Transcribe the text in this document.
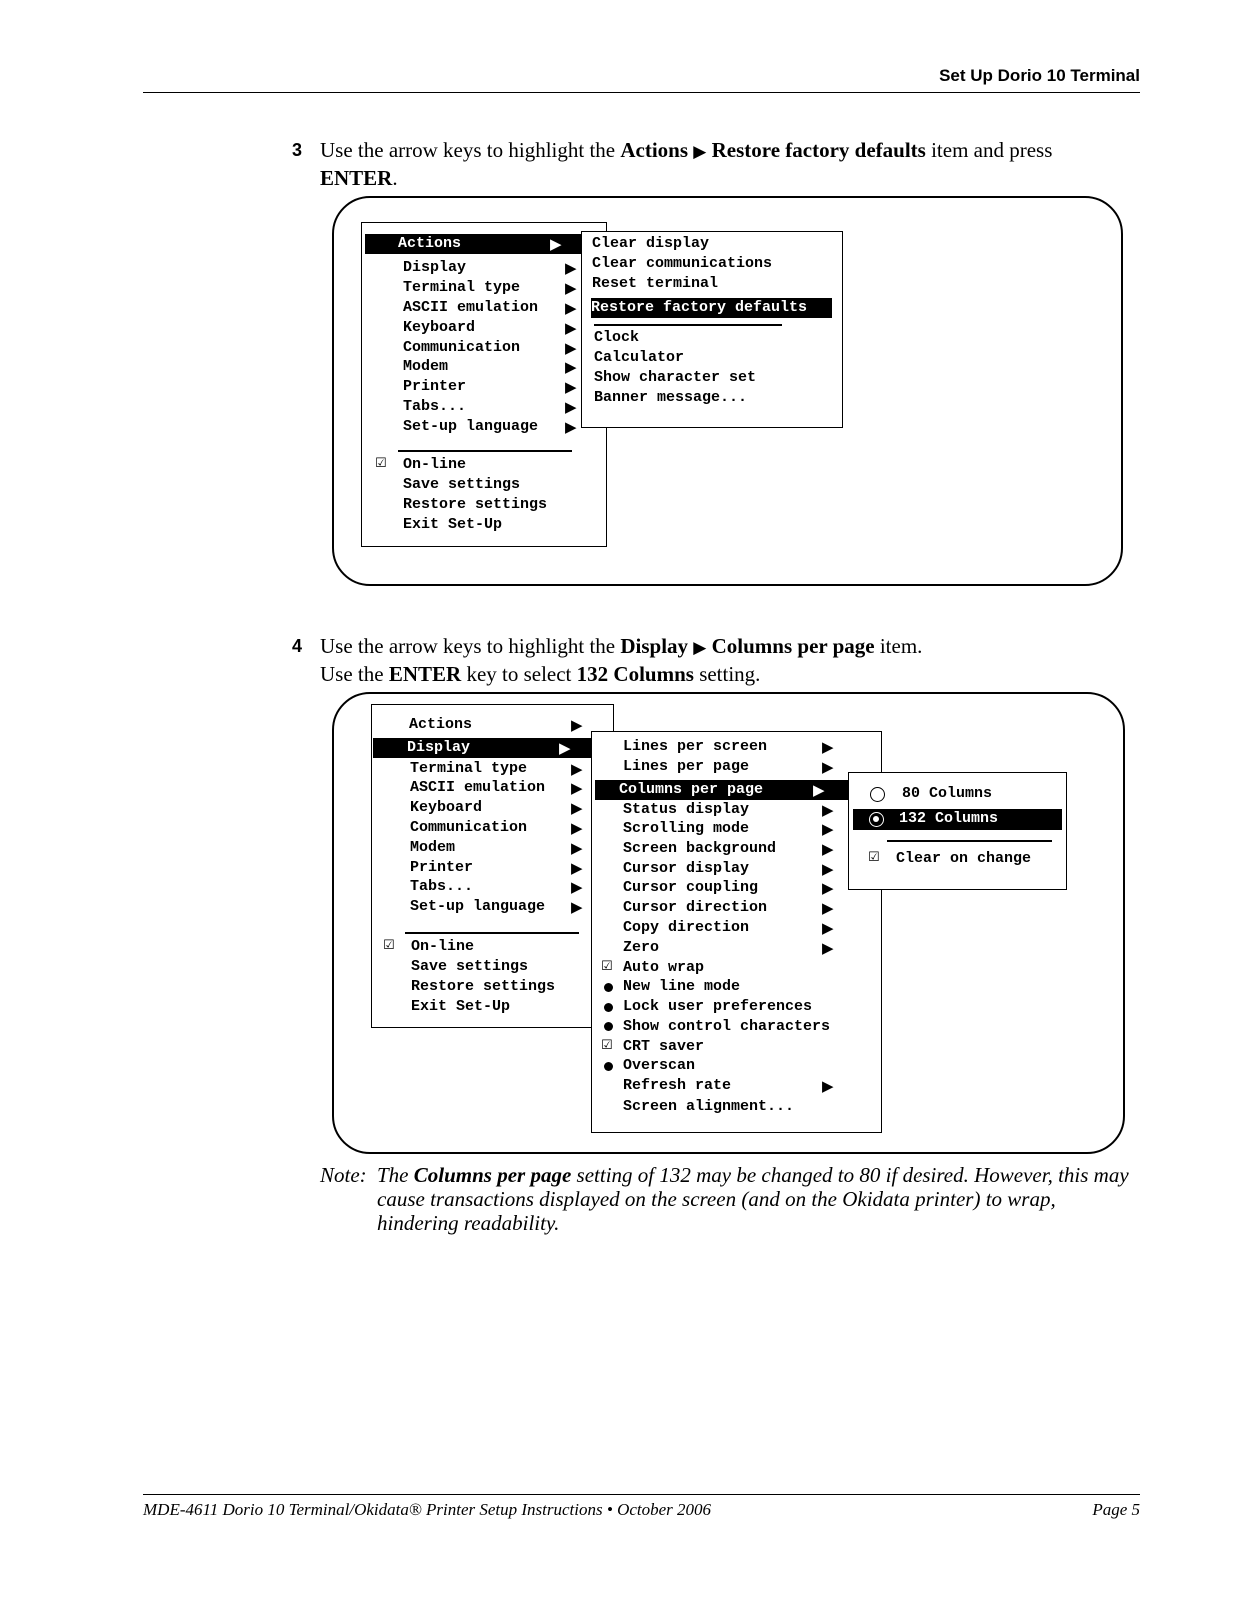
Set Up Dorio 10 Terminal
3 Use the arrow keys to highlight the Actions ▶ Restore factory defaults item and press
ENTER.

Actions	▶

Display

Terminal type

ASCII emulation

Keyboard

Communication

Modem

Printer

Tabs...

Set-up language

▶

▶

▶

▶

▶

▶

▶

▶

▶

☑

On-line

Save settings

Restore settings

Exit Set-Up

Clear display

Clear communications

Reset terminal

Restore factory defaults

Clock

Calculator

Show character set

Banner message...

4 Use the arrow keys to highlight the Display ▶ Columns per page item.
Use the ENTER key to select 132 Columns setting.

Actions

	▶

Display	▶

Terminal type

ASCII emulation

Keyboard

Communication

Modem

Printer

Tabs...

Set-up language

▶

▶

▶

▶

▶

▶

▶

▶

☑

On-line

Save settings

Restore settings

Exit Set-Up

Lines per screen

Lines per page

Columns per page	▶

Status display

Scrolling mode

Screen background

Cursor display

Cursor coupling

Cursor direction

Copy direction

Zero

☑

Auto wrap

New line mode

Lock user preferences

Show control characters

☑

CRT saver

Overscan

Refresh rate

Screen alignment...

▶

▶

▶

▶

▶

▶

▶

▶

▶

▶

▶

80 Columns

132 Columns

☑

Clear on change

Note: The Columns per page setting of 132 may be changed to 80 if desired. However, this may cause transactions displayed on the screen (and on the Okidata printer) to wrap, hindering readability.
MDE-4611 Dorio 10 Terminal/Okidata® Printer Setup Instructions • October 2006	Page 5
